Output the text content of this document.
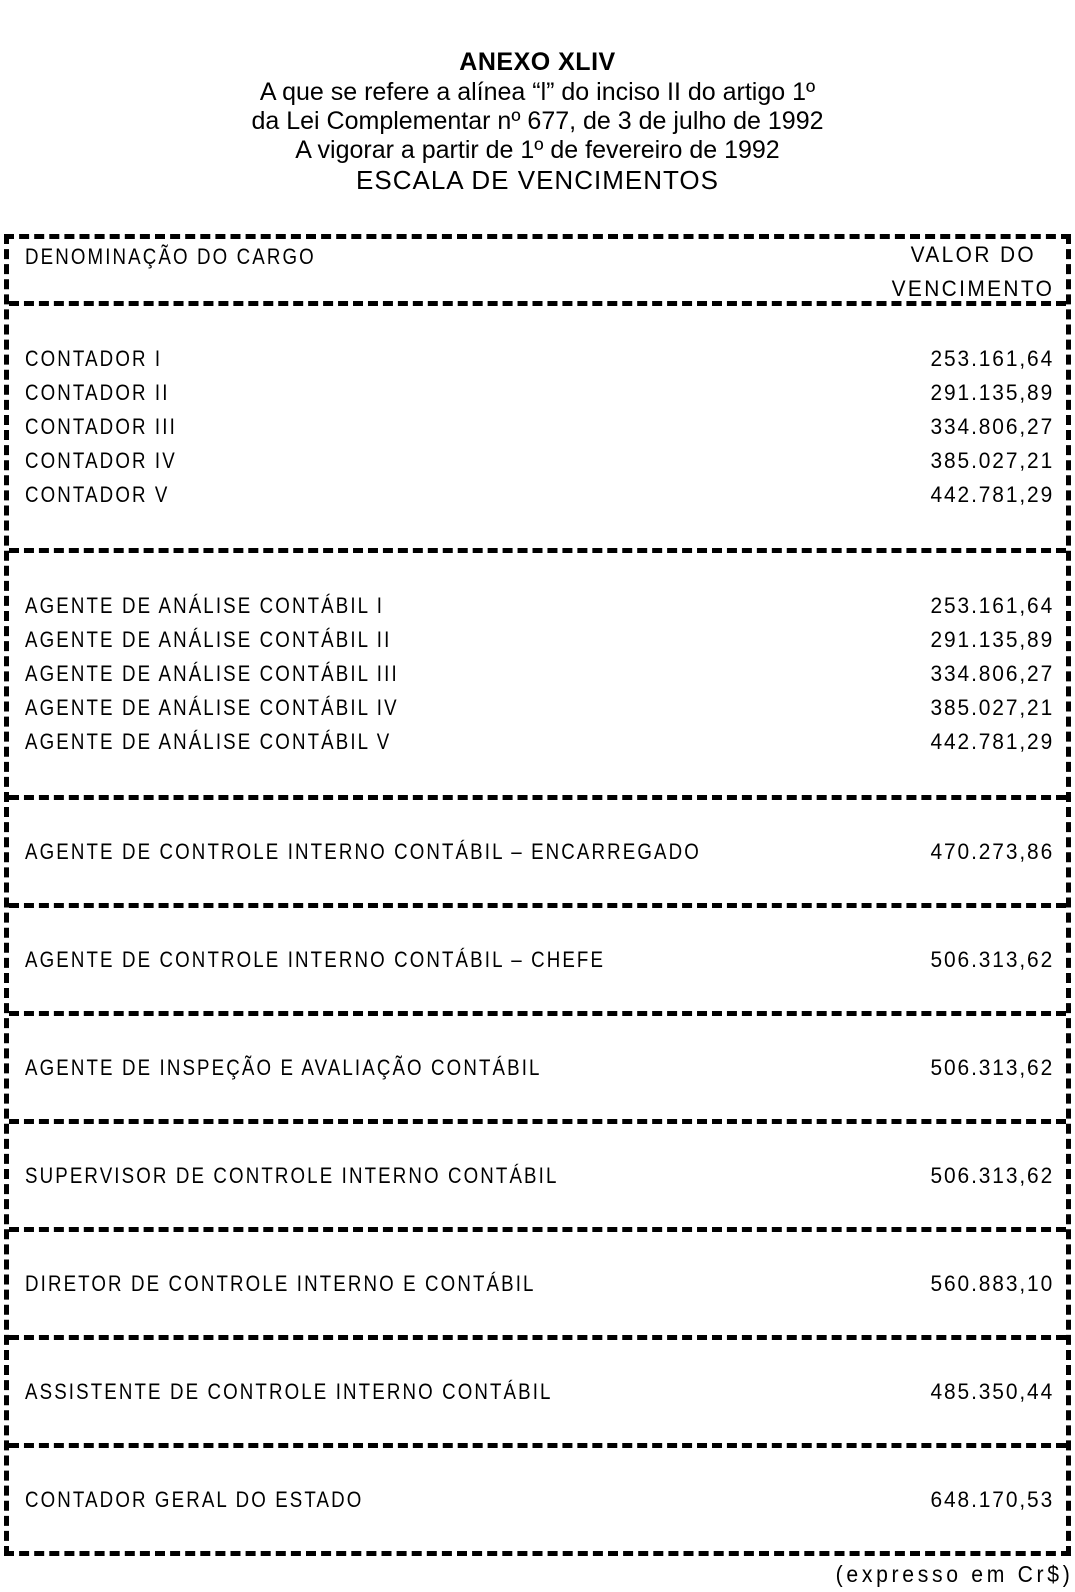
ANEXO XLIV
A que se refere a alínea “l” do inciso II do artigo 1º
da Lei Complementar nº 677, de 3 de julho de 1992
A vigorar a partir de 1º de fevereiro de 1992
ESCALA DE VENCIMENTOS
DENOMINAÇÃO DO CARGO	VALOR DO
VENCIMENTO
CONTADOR I	253.161,64
CONTADOR II	291.135,89
CONTADOR III	334.806,27
CONTADOR IV	385.027,21
CONTADOR V	442.781,29
AGENTE DE ANÁLISE CONTÁBIL I	253.161,64
AGENTE DE ANÁLISE CONTÁBIL II	291.135,89
AGENTE DE ANÁLISE CONTÁBIL III	334.806,27
AGENTE DE ANÁLISE CONTÁBIL IV	385.027,21
AGENTE DE ANÁLISE CONTÁBIL V	442.781,29
AGENTE DE CONTROLE INTERNO CONTÁBIL – ENCARREGADO	470.273,86
AGENTE DE CONTROLE INTERNO CONTÁBIL – CHEFE	506.313,62
AGENTE DE INSPEÇÃO E AVALIAÇÃO CONTÁBIL	506.313,62
SUPERVISOR DE CONTROLE INTERNO CONTÁBIL	506.313,62
DIRETOR DE CONTROLE INTERNO E CONTÁBIL	560.883,10
ASSISTENTE DE CONTROLE INTERNO CONTÁBIL	485.350,44
CONTADOR GERAL DO ESTADO	648.170,53
(expresso em Cr$)
